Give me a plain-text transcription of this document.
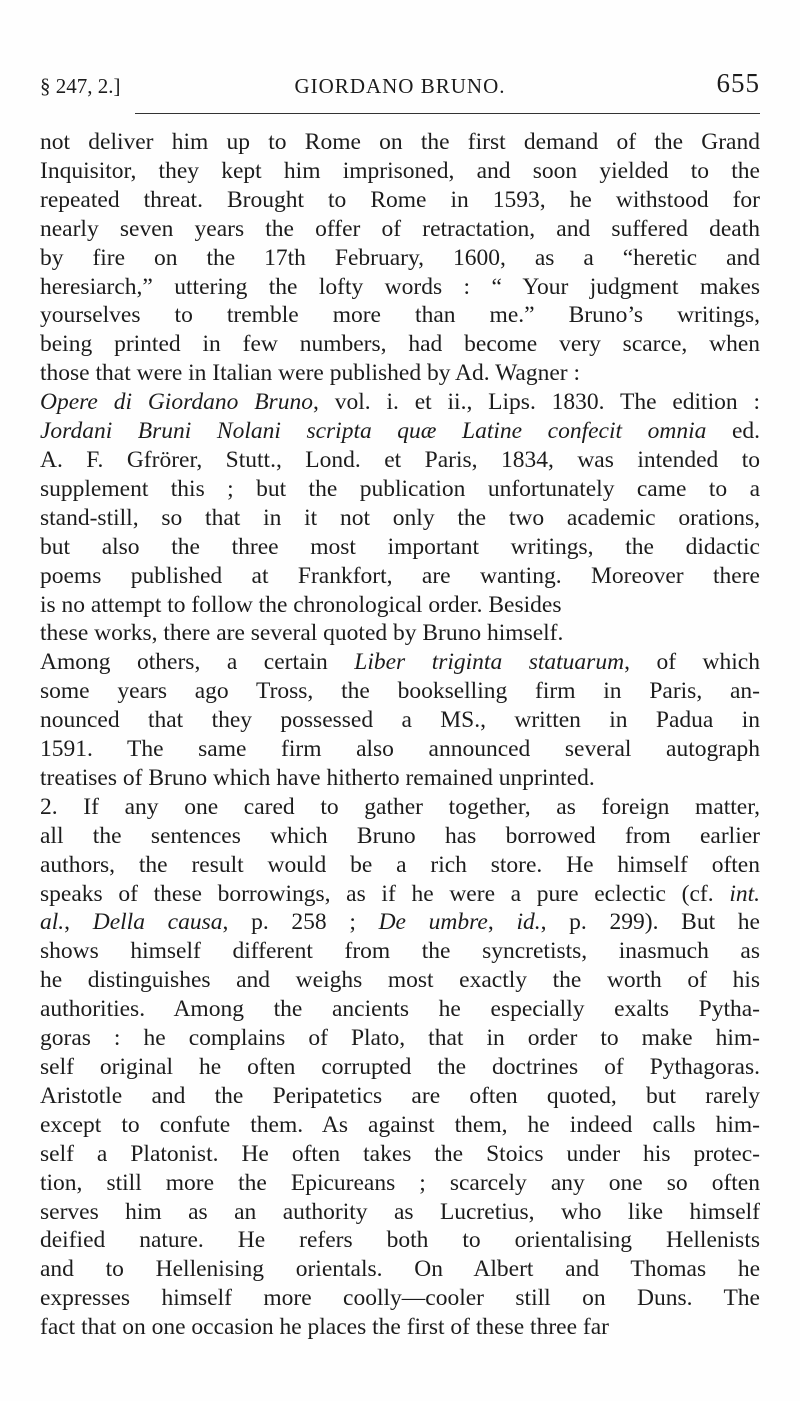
§ 247, 2.]	GIORDANO BRUNO.	655
not deliver him up to Rome on the first demand of the Grand
Inquisitor, they kept him imprisoned, and soon yielded to the
repeated threat. Brought to Rome in 1593, he withstood for
nearly seven years the offer of retractation, and suffered death
by fire on the 17th February, 1600, as a “heretic and
heresiarch,” uttering the lofty words : “ Your judgment makes
yourselves to tremble more than me.” Bruno’s writings,
being printed in few numbers, had become very scarce, when
those that were in Italian were published by Ad. Wagner :
Opere di Giordano Bruno, vol. i. et ii., Lips. 1830. The edition :
Jordani Bruni Nolani scripta quæ Latine confecit omnia ed.
A. F. Gfrörer, Stutt., Lond. et Paris, 1834, was intended to
supplement this ; but the publication unfortunately came to a
stand-still, so that in it not only the two academic orations,
but also the three most important writings, the didactic
poems published at Frankfort, are wanting. Moreover there
is no attempt to follow the chronological order. Besides
these works, there are several quoted by Bruno himself.
Among others, a certain Liber triginta statuarum, of which
some years ago Tross, the bookselling firm in Paris, an-
nounced that they possessed a MS., written in Padua in
1591. The same firm also announced several autograph
treatises of Bruno which have hitherto remained unprinted.
2. If any one cared to gather together, as foreign matter,
all the sentences which Bruno has borrowed from earlier
authors, the result would be a rich store. He himself often
speaks of these borrowings, as if he were a pure eclectic (cf. int.
al., Della causa, p. 258 ; De umbre, id., p. 299). But he
shows himself different from the syncretists, inasmuch as
he distinguishes and weighs most exactly the worth of his
authorities. Among the ancients he especially exalts Pytha-
goras : he complains of Plato, that in order to make him-
self original he often corrupted the doctrines of Pythagoras.
Aristotle and the Peripatetics are often quoted, but rarely
except to confute them. As against them, he indeed calls him-
self a Platonist. He often takes the Stoics under his protec-
tion, still more the Epicureans ; scarcely any one so often
serves him as an authority as Lucretius, who like himself
deified nature. He refers both to orientalising Hellenists
and to Hellenising orientals. On Albert and Thomas he
expresses himself more coolly—cooler still on Duns. The
fact that on one occasion he places the first of these three far
